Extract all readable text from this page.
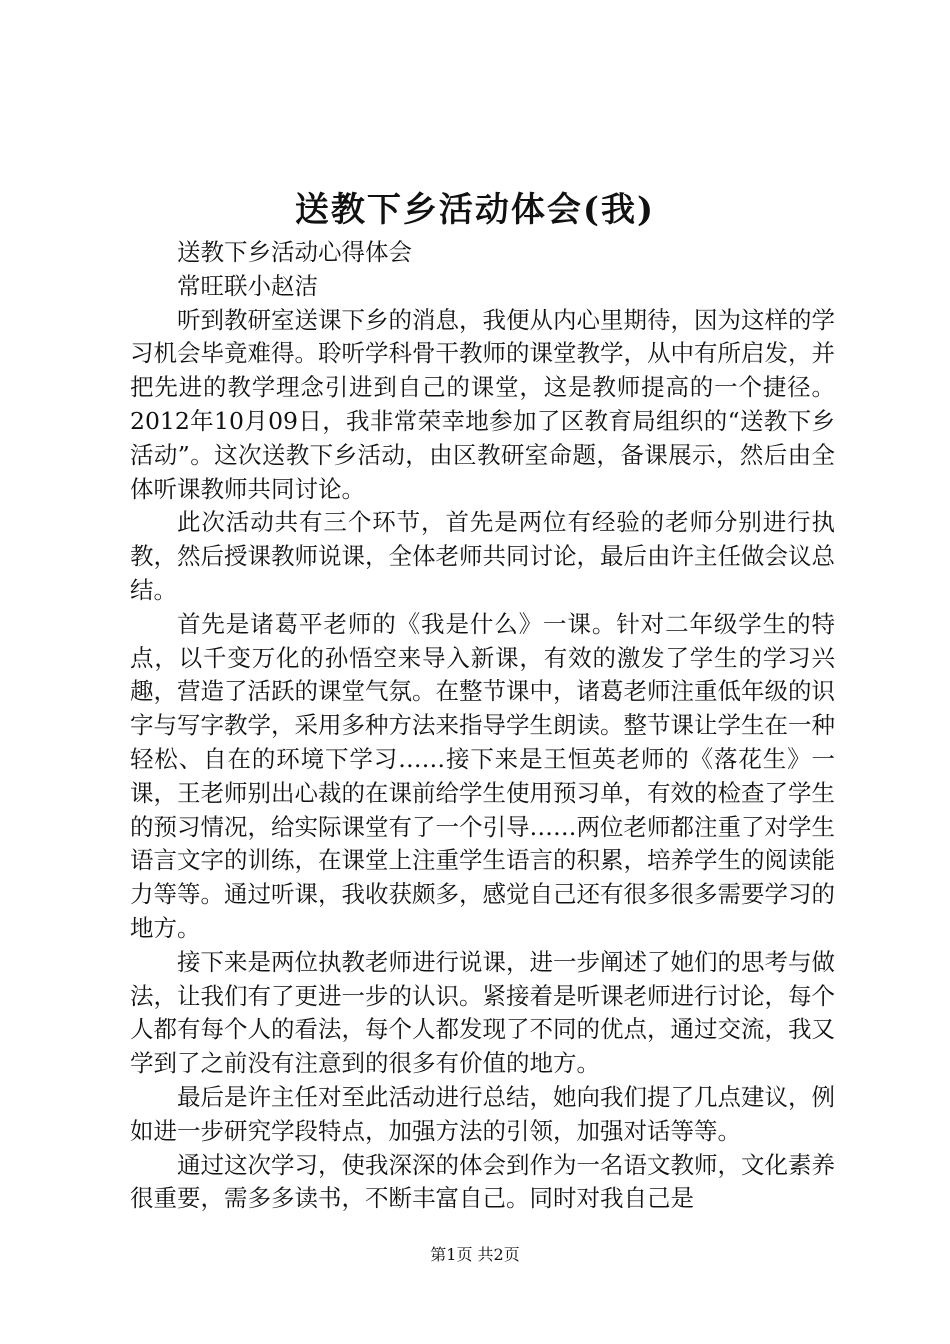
送教下乡活动体会(我)

送教下乡活动心得体会

常旺联小赵洁

听到教研室送课下乡的消息，我便从内心里期待，因为这样的学习机会毕竟难得。聆听学科骨干教师的课堂教学，从中有所启发，并把先进的教学理念引进到自己的课堂，这是教师提高的一个捷径。2012年10月09日，我非常荣幸地参加了区教育局组织的“送教下乡活动”。这次送教下乡活动，由区教研室命题，备课展示，然后由全体听课教师共同讨论。

此次活动共有三个环节，首先是两位有经验的老师分别进行执教，然后授课教师说课，全体老师共同讨论，最后由许主任做会议总结。

首先是诸葛平老师的《我是什么》一课。针对二年级学生的特点，以千变万化的孙悟空来导入新课，有效的激发了学生的学习兴趣，营造了活跃的课堂气氛。在整节课中，诸葛老师注重低年级的识字与写字教学，采用多种方法来指导学生朗读。整节课让学生在一种轻松、自在的环境下学习……接下来是王恒英老师的《落花生》一课，王老师别出心裁的在课前给学生使用预习单，有效的检查了学生的预习情况，给实际课堂有了一个引导……两位老师都注重了对学生语言文字的训练，在课堂上注重学生语言的积累，培养学生的阅读能力等等。通过听课，我收获颇多，感觉自己还有很多很多需要学习的地方。

接下来是两位执教老师进行说课，进一步阐述了她们的思考与做法，让我们有了更进一步的认识。紧接着是听课老师进行讨论，每个人都有每个人的看法，每个人都发现了不同的优点，通过交流，我又学到了之前没有注意到的很多有价值的地方。

最后是许主任对至此活动进行总结，她向我们提了几点建议，例如进一步研究学段特点，加强方法的引领，加强对话等等。

通过这次学习，使我深深的体会到作为一名语文教师，文化素养很重要，需多多读书，不断丰富自己。同时对我自己是

第1页 共2页
